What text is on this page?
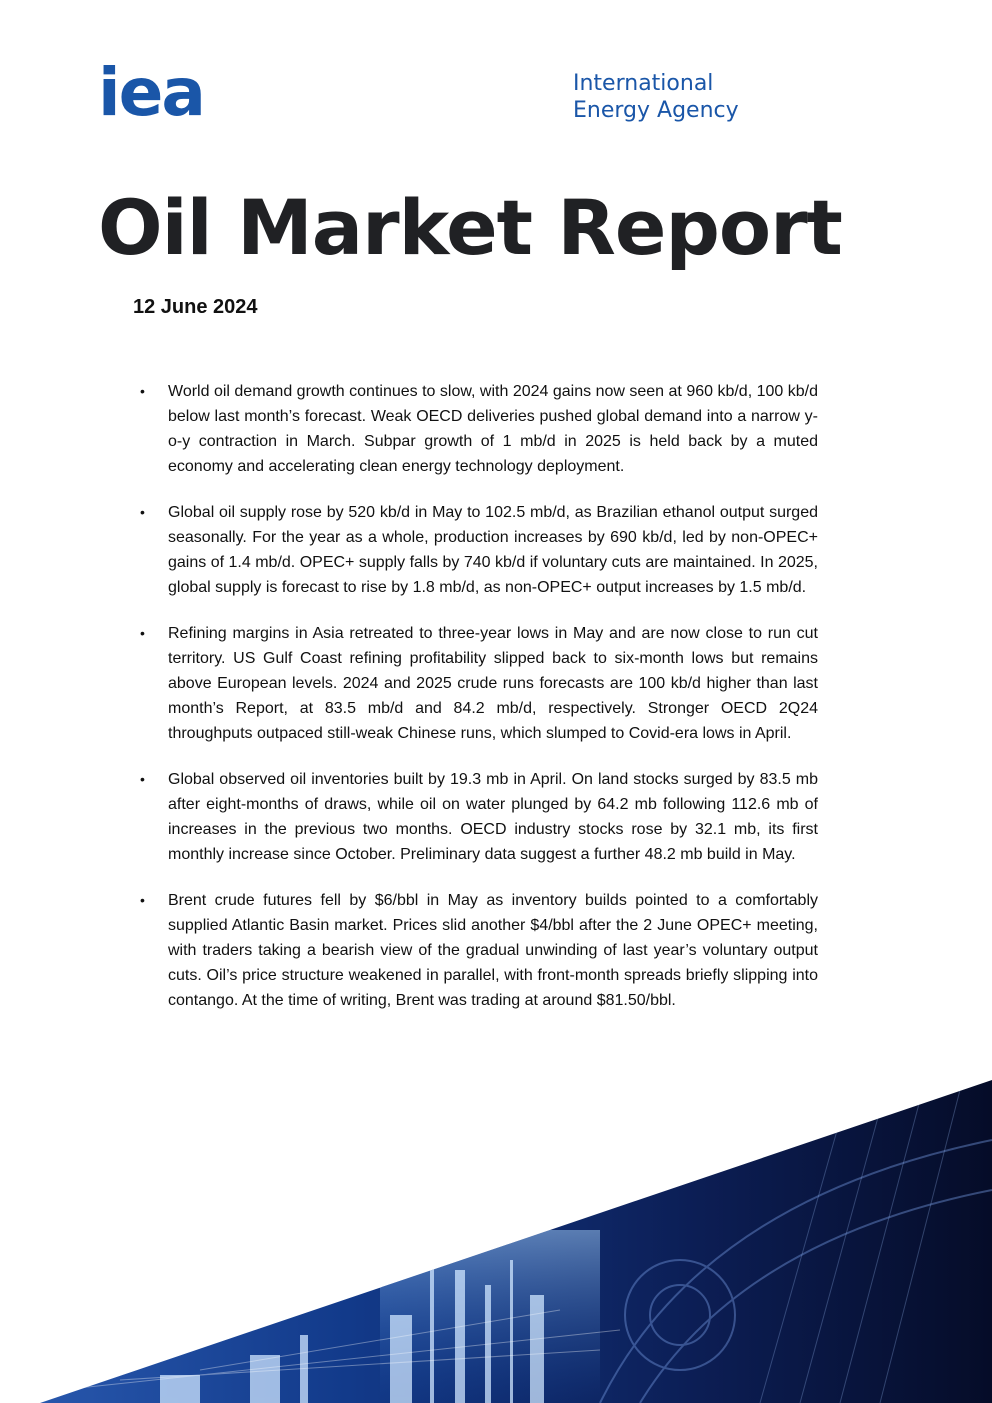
iea	International
Energy Agency
Oil Market Report
12 June 2024
• World oil demand growth continues to slow, with 2024 gains now seen at 960 kb/d, 100 kb/d below last month’s forecast. Weak OECD deliveries pushed global demand into a narrow y-o-y contraction in March. Subpar growth of 1 mb/d in 2025 is held back by a muted economy and accelerating clean energy technology deployment.
• Global oil supply rose by 520 kb/d in May to 102.5 mb/d, as Brazilian ethanol output surged seasonally. For the year as a whole, production increases by 690 kb/d, led by non-OPEC+ gains of 1.4 mb/d. OPEC+ supply falls by 740 kb/d if voluntary cuts are maintained. In 2025, global supply is forecast to rise by 1.8 mb/d, as non-OPEC+ output increases by 1.5 mb/d.
• Refining margins in Asia retreated to three-year lows in May and are now close to run cut territory. US Gulf Coast refining profitability slipped back to six-month lows but remains above European levels. 2024 and 2025 crude runs forecasts are 100 kb/d higher than last month’s Report, at 83.5 mb/d and 84.2 mb/d, respectively. Stronger OECD 2Q24 throughputs outpaced still-weak Chinese runs, which slumped to Covid-era lows in April.
• Global observed oil inventories built by 19.3 mb in April. On land stocks surged by 83.5 mb after eight-months of draws, while oil on water plunged by 64.2 mb following 112.6 mb of increases in the previous two months. OECD industry stocks rose by 32.1 mb, its first monthly increase since October. Preliminary data suggest a further 48.2 mb build in May.
• Brent crude futures fell by $6/bbl in May as inventory builds pointed to a comfortably supplied Atlantic Basin market. Prices slid another $4/bbl after the 2 June OPEC+ meeting, with traders taking a bearish view of the gradual unwinding of last year’s voluntary output cuts. Oil’s price structure weakened in parallel, with front-month spreads briefly slipping into contango. At the time of writing, Brent was trading at around $81.50/bbl.
